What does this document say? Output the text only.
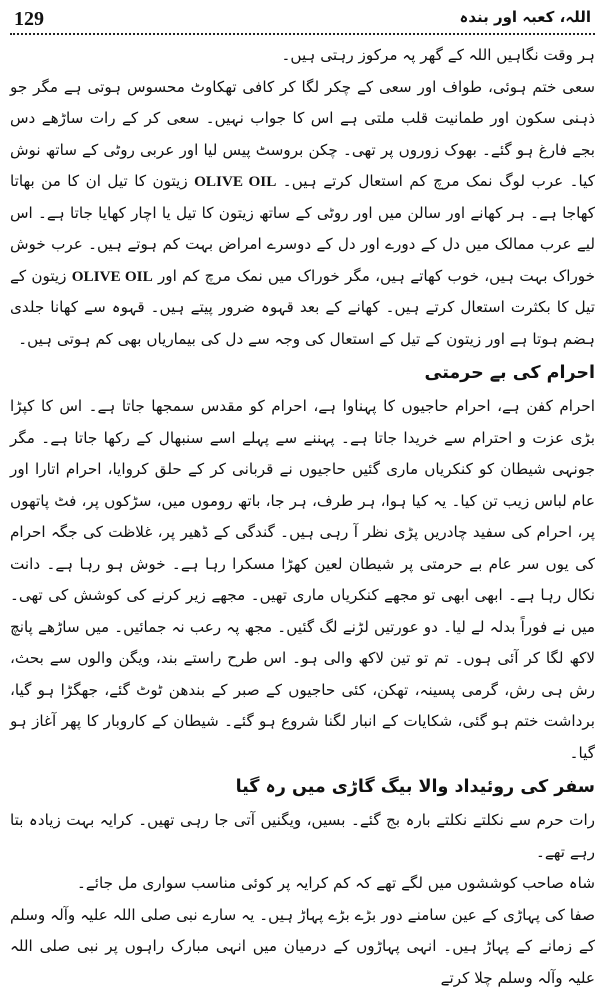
129	اللہ، کعبہ اور بندہ

ہر وقت نگاہیں اللہ کے گھر پہ مرکوز رہتی ہیں۔

سعی ختم ہوئی، طواف اور سعی کے چکر لگا کر کافی تھکاوٹ محسوس ہوتی ہے مگر جو ذہنی سکون اور طمانیت قلب ملتی ہے اس کا جواب نہیں۔ سعی کر کے رات ساڑھے دس بجے فارغ ہو گئے۔ بھوک زوروں پر تھی۔ چکن بروسٹ پیس لیا اور عربی روٹی کے ساتھ نوش کیا۔ عرب لوگ نمک مرچ کم استعال کرتے ہیں۔ OLIVE OIL زیتون کا تیل ان کا من بھاتا کھاجا ہے۔ ہر کھانے اور سالن میں اور روٹی کے ساتھ زیتون کا تیل یا اچار کھایا جاتا ہے۔ اس لیے عرب ممالک میں دل کے دورے اور دل کے دوسرے امراض بہت کم ہوتے ہیں۔ عرب خوش خوراک بہت ہیں، خوب کھاتے ہیں، مگر خوراک میں نمک مرچ کم اور OLIVE OIL زیتون کے تیل کا بکثرت استعال کرتے ہیں۔ کھانے کے بعد قہوہ ضرور پیتے ہیں۔ قہوہ سے کھانا جلدی ہضم ہوتا ہے اور زیتون کے تیل کے استعال کی وجہ سے دل کی بیماریاں بھی کم ہوتی ہیں۔

احرام کی بے حرمتی

احرام کفن ہے، احرام حاجیوں کا پہناوا ہے، احرام کو مقدس سمجھا جاتا ہے۔ اس کا کپڑا بڑی عزت و احترام سے خریدا جاتا ہے۔ پہننے سے پہلے اسے سنبھال کے رکھا جاتا ہے۔ مگر جونہی شیطان کو کنکریاں ماری گئیں حاجیوں نے قربانی کر کے حلق کروایا، احرام اتارا اور عام لباس زیب تن کیا۔ یہ کیا ہوا، ہر طرف، ہر جا، باتھ روموں میں، سڑکوں پر، فٹ پاتھوں پر، احرام کی سفید چادریں پڑی نظر آ رہی ہیں۔ گندگی کے ڈھیر پر، غلاظت کی جگہ احرام کی یوں سر عام بے حرمتی پر شیطان لعین کھڑا مسکرا رہا ہے۔ خوش ہو رہا ہے۔ دانت نکال رہا ہے۔ ابھی ابھی تو مجھے کنکریاں ماری تھیں۔ مجھے زیر کرنے کی کوشش کی تھی۔ میں نے فوراً بدلہ لے لیا۔ دو عورتیں لڑنے لگ گئیں۔ مجھ پہ رعب نہ جمائیں۔ میں ساڑھے پانچ لاکھ لگا کر آئی ہوں۔ تم تو تین لاکھ والی ہو۔ اس طرح راستے بند، ویگن والوں سے بحث، رش ہی رش، گرمی پسینہ، تھکن، کئی حاجیوں کے صبر کے بندھن ٹوٹ گئے، جھگڑا ہو گیا، برداشت ختم ہو گئی، شکایات کے انبار لگنا شروع ہو گئے۔ شیطان کے کاروبار کا پھر آغاز ہو گیا۔

سفر کی روئیداد والا بیگ گاڑی میں رہ گیا

رات حرم سے نکلتے نکلتے بارہ بج گئے۔ بسیں، ویگنیں آتی جا رہی تھیں۔ کرایہ بہت زیادہ بتا رہے تھے۔

شاہ صاحب کوششوں میں لگے تھے کہ کم کرایہ پر کوئی مناسب سواری مل جائے۔

صفا کی پہاڑی کے عین سامنے دور بڑے بڑے پہاڑ ہیں۔ یہ سارے نبی صلی اللہ علیہ وآلہ وسلم کے زمانے کے پہاڑ ہیں۔ انہی پہاڑوں کے درمیان میں انہی مبارک راہوں پر نبی صلی اللہ علیہ وآلہ وسلم چلا کرتے
